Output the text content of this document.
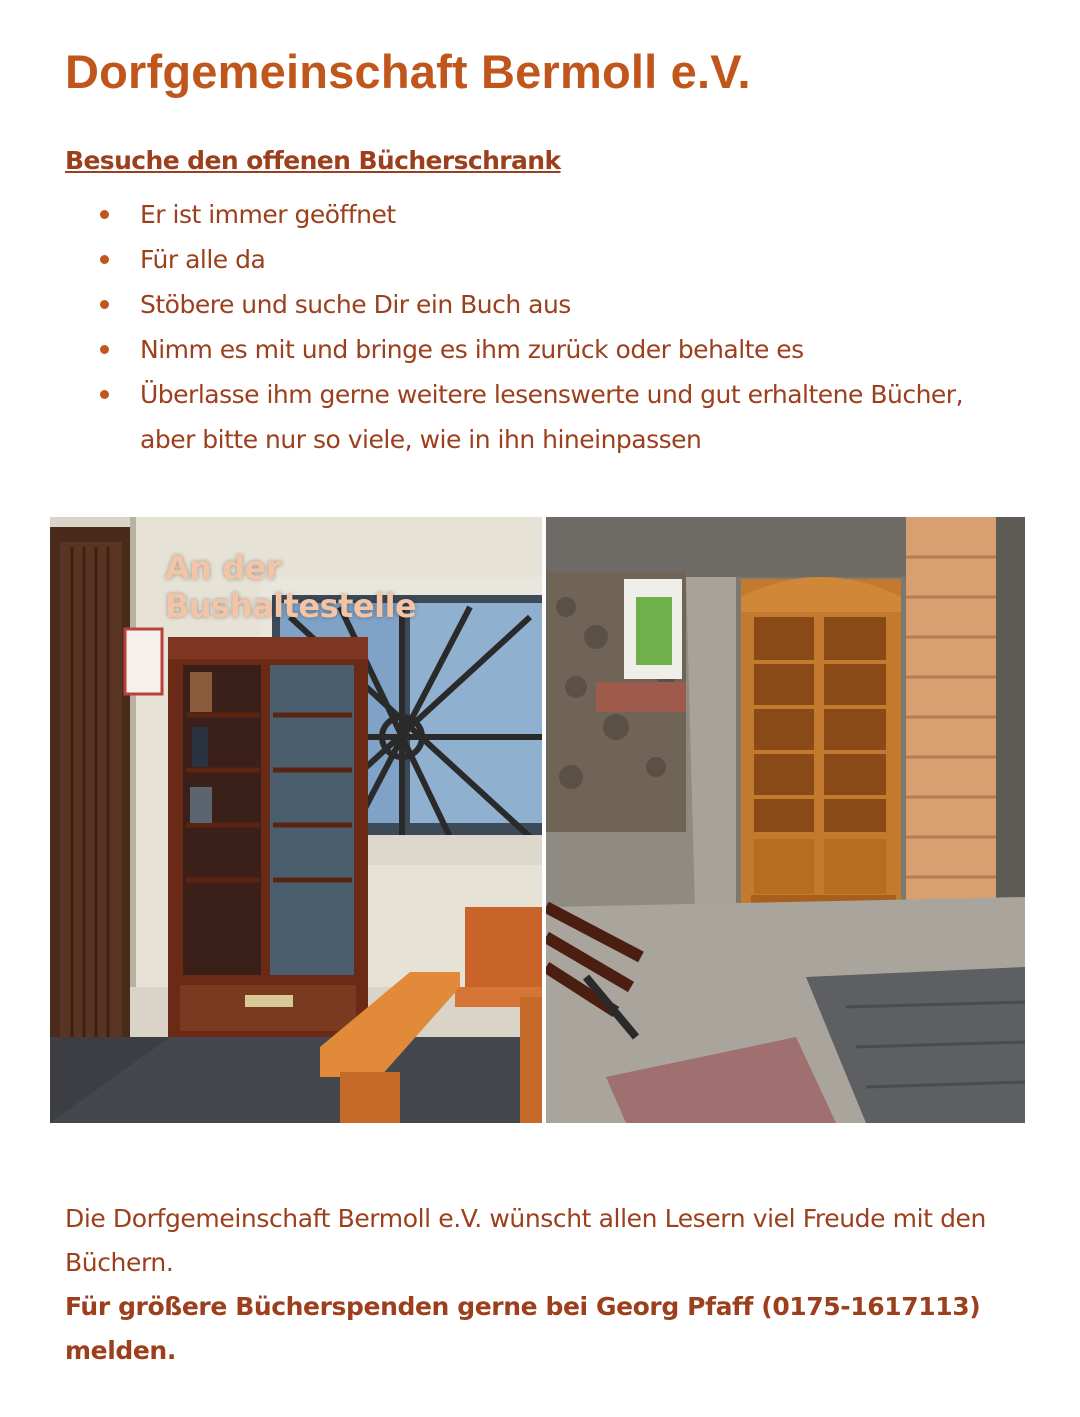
Dorfgemeinschaft Bermoll e.V.
Besuche den offenen Bücherschrank
Er ist immer geöffnet
Für alle da
Stöbere und suche Dir ein Buch aus
Nimm es mit und bringe es ihm zurück oder behalte es
Überlasse ihm gerne weitere lesenswerte und gut erhaltene Bücher, aber bitte nur so viele, wie in ihn hineinpassen
An der Bushaltestelle

Die Dorfgemeinschaft Bermoll e.V. wünscht allen Lesern viel Freude mit den Büchern.
Für größere Bücherspenden gerne bei Georg Pfaff (0175-1617113) melden.
